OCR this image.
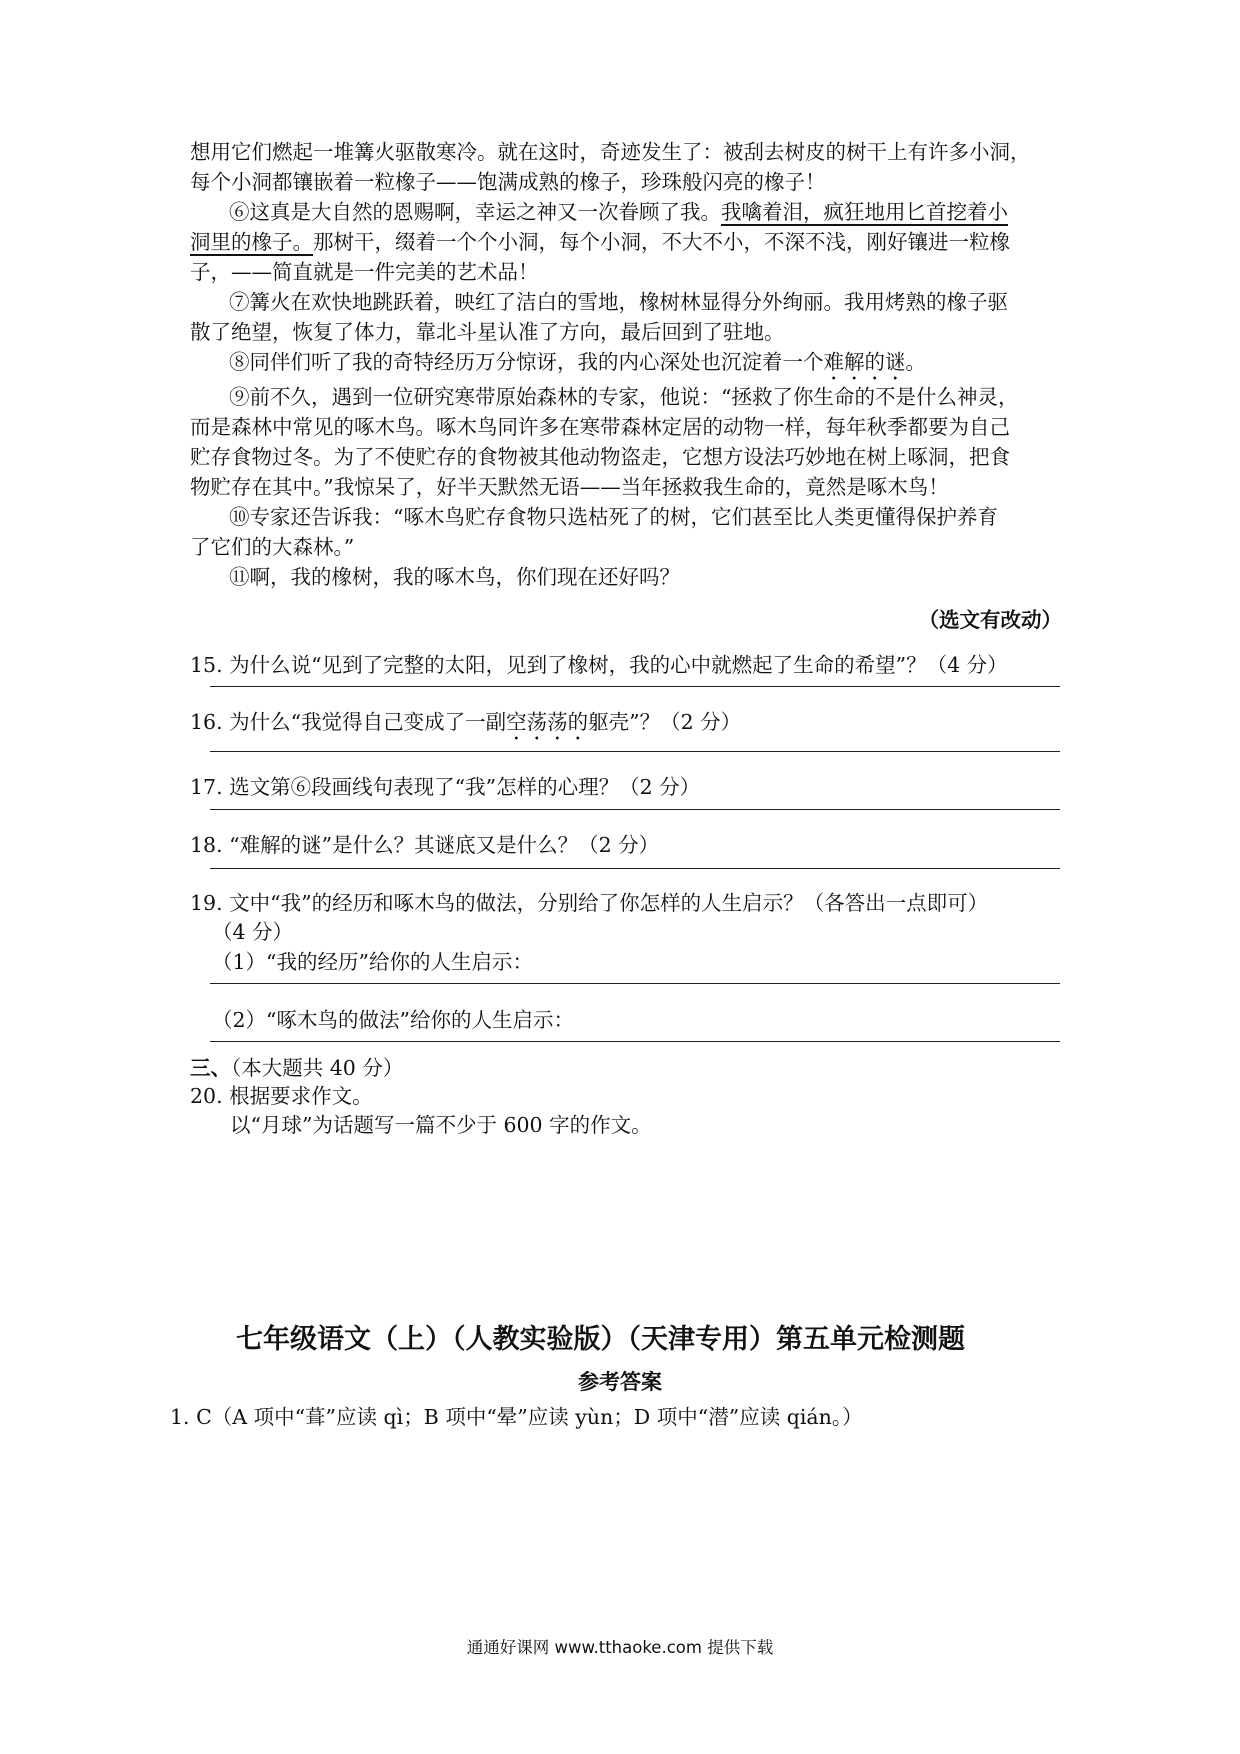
想用它们燃起一堆篝火驱散寒冷。就在这时，奇迹发生了：被刮去树皮的树干上有许多小洞，
每个小洞都镶嵌着一粒橡子——饱满成熟的橡子，珍珠般闪亮的橡子！
⑥这真是大自然的恩赐啊，幸运之神又一次眷顾了我。我噙着泪，疯狂地用匕首挖着小
洞里的橡子。那树干，缀着一个个小洞，每个小洞，不大不小，不深不浅，刚好镶进一粒橡
子，——简直就是一件完美的艺术品！
⑦篝火在欢快地跳跃着，映红了洁白的雪地，橡树林显得分外绚丽。我用烤熟的橡子驱
散了绝望，恢复了体力，靠北斗星认准了方向，最后回到了驻地。
⑧同伴们听了我的奇特经历万分惊讶，我的内心深处也沉淀着一个难解的谜。
⑨前不久，遇到一位研究寒带原始森林的专家，他说：“拯救了你生命的不是什么神灵，
而是森林中常见的啄木鸟。啄木鸟同许多在寒带森林定居的动物一样，每年秋季都要为自己
贮存食物过冬。为了不使贮存的食物被其他动物盗走，它想方设法巧妙地在树上啄洞，把食
物贮存在其中。”我惊呆了，好半天默然无语——当年拯救我生命的，竟然是啄木鸟！
⑩专家还告诉我：“啄木鸟贮存食物只选枯死了的树，它们甚至比人类更懂得保护养育
了它们的大森林。”
⑪啊，我的橡树，我的啄木鸟，你们现在还好吗？
（选文有改动）
15. 为什么说“见到了完整的太阳，见到了橡树，我的心中就燃起了生命的希望”？（4 分）
16. 为什么“我觉得自己变成了一副空荡荡的躯壳”？（2 分）
17. 选文第⑥段画线句表现了“我”怎样的心理？（2 分）
18. “难解的谜”是什么？其谜底又是什么？（2 分）
19. 文中“我”的经历和啄木鸟的做法，分别给了你怎样的人生启示？（各答出一点即可）
（4 分）
（1）“我的经历”给你的人生启示：
（2）“啄木鸟的做法”给你的人生启示：
三、（本大题共 40 分）
20. 根据要求作文。
以“月球”为话题写一篇不少于 600 字的作文。
七年级语文（上）（人教实验版）（天津专用）第五单元检测题
参考答案
1. C（A 项中“葺”应读 qì；B 项中“晕”应读 yùn；D 项中“潜”应读 qián。）
通通好课网 www.tthaoke.com 提供下载
